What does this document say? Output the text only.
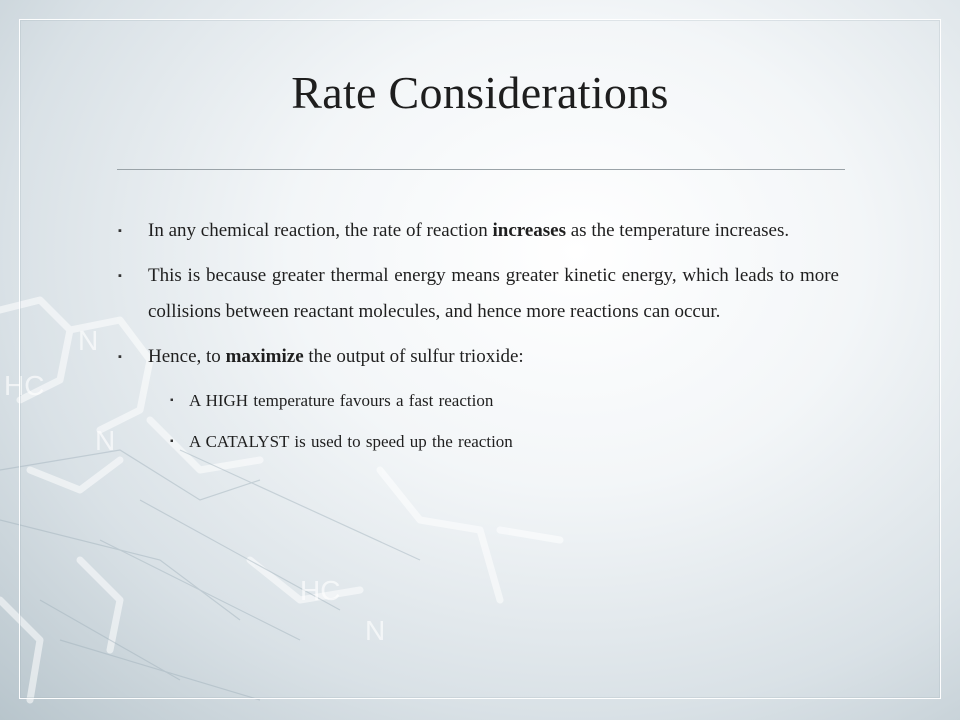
HC
N
N
HC
N
Rate Considerations
▪	In any chemical reaction, the rate of reaction increases as the temperature increases.
▪	This is because greater thermal energy means greater kinetic energy, which leads to more collisions between reactant molecules, and hence more reactions can occur.
▪	Hence, to maximize the output of sulfur trioxide:
▪ A HIGH temperature favours a fast reaction
▪ A CATALYST is used to speed up the reaction
